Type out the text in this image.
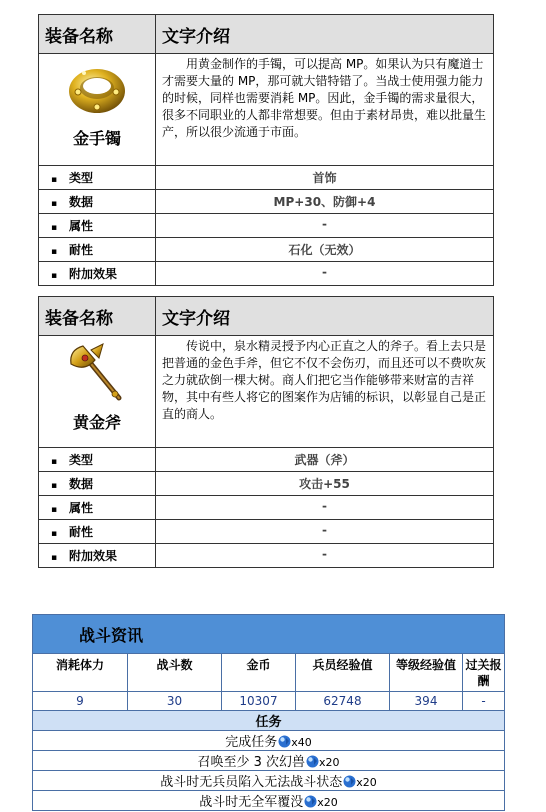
装备名称	文字介绍

金手镯	用黄金制作的手镯，可以提高 MP。如果认为只有魔道士才需要大量的 MP，那可就大错特错了。当战士使用强力能力的时候，同样也需要消耗 MP。因此，金手镯的需求量很大，很多不同职业的人都非常想要。但由于素材昂贵，难以批量生产，所以很少流通于市面。
▪ 类型	首饰
▪ 数据	MP+30、防御+4
▪ 属性	-
▪ 耐性	石化（无效）
▪ 附加效果	-
装备名称	文字介绍

黄金斧	传说中，泉水精灵授予内心正直之人的斧子。看上去只是把普通的金色手斧，但它不仅不会伤刃，而且还可以不费吹灰之力就砍倒一棵大树。商人们把它当作能够带来财富的吉祥物，其中有些人将它的图案作为店铺的标识，以彰显自己是正直的商人。
▪ 类型	武器（斧）
▪ 数据	攻击+55
▪ 属性	-
▪ 耐性	-
▪ 附加效果	-
战斗资讯					
消耗体力	战斗数	金币	兵员经验值	等级经验值	过关报酬
9	30	10307	62748	394	-
任务					
完成任务 x40					
召唤至少 3 次幻兽 x20					
战斗时无兵员陷入无法战斗状态 x20					
战斗时无全军覆没 x20					
